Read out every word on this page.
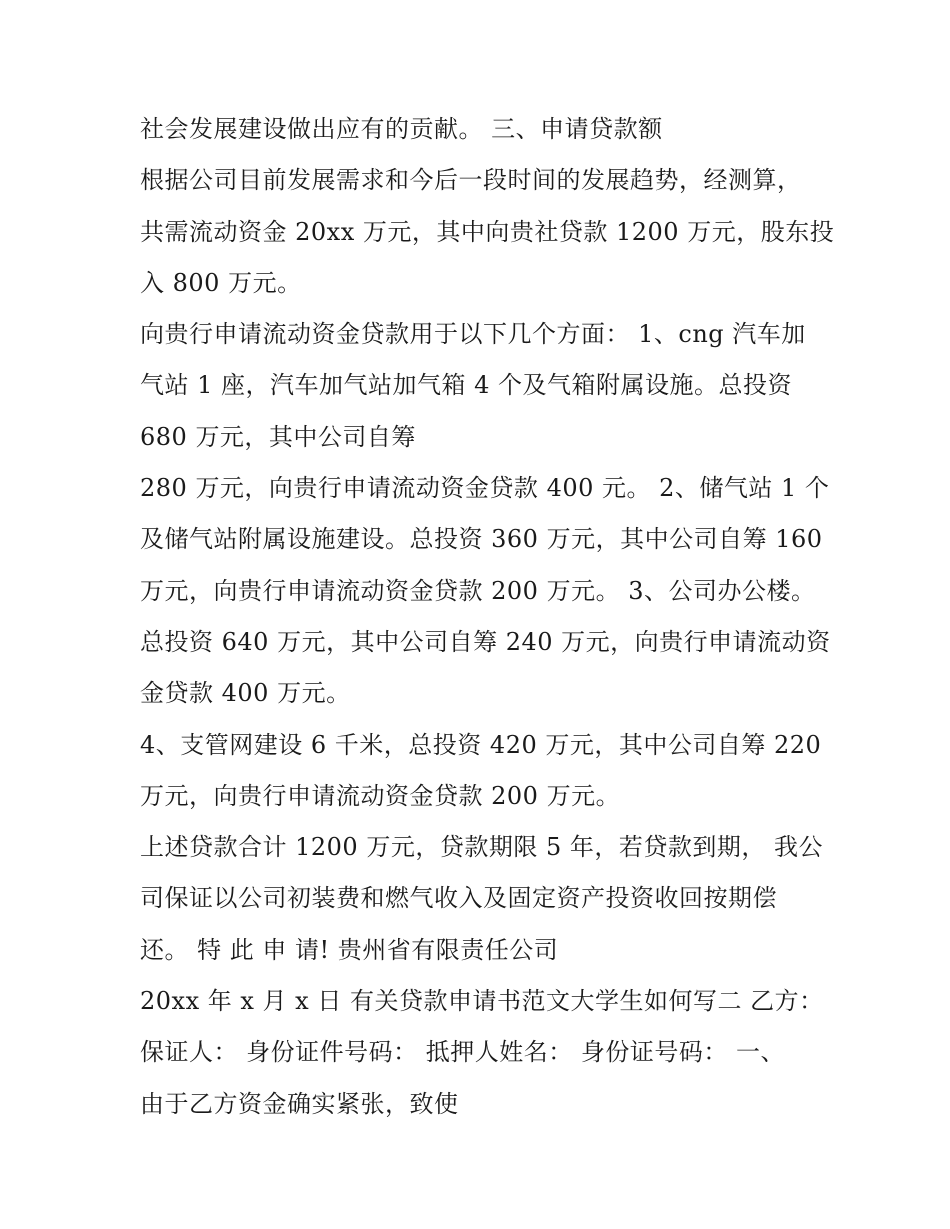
社会发展建设做出应有的贡献。 三、申请贷款额
根据公司目前发展需求和今后一段时间的发展趋势，经测算，
共需流动资金 20xx 万元，其中向贵社贷款 1200 万元，股东投
入 800 万元。
向贵行申请流动资金贷款用于以下几个方面： 1、cng 汽车加
气站 1 座，汽车加气站加气箱 4 个及气箱附属设施。总投资
680 万元，其中公司自筹
280 万元，向贵行申请流动资金贷款 400 元。 2、储气站 1 个
及储气站附属设施建设。总投资 360 万元，其中公司自筹 160
万元，向贵行申请流动资金贷款 200 万元。 3、公司办公楼。
总投资 640 万元，其中公司自筹 240 万元，向贵行申请流动资
金贷款 400 万元。
4、支管网建设 6 千米，总投资 420 万元，其中公司自筹 220
万元，向贵行申请流动资金贷款 200 万元。
上述贷款合计 1200 万元，贷款期限 5 年，若贷款到期， 我公
司保证以公司初装费和燃气收入及固定资产投资收回按期偿
还。 特 此 申 请! 贵州省有限责任公司
20xx 年 x 月 x 日 有关贷款申请书范文大学生如何写二 乙方：
保证人： 身份证件号码： 抵押人姓名： 身份证号码： 一、
由于乙方资金确实紧张，致使
